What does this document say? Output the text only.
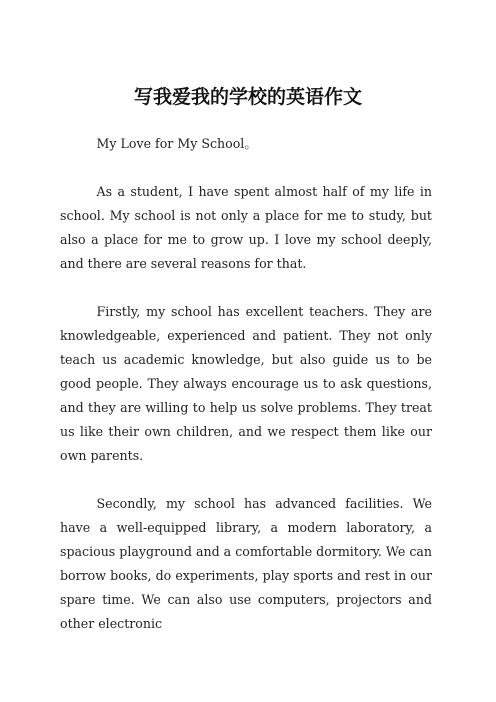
写我爱我的学校的英语作文

My Love for My School。

As a student, I have spent almost half of my life in school. My school is not only a place for me to study, but also a place for me to grow up. I love my school deeply, and there are several reasons for that.

Firstly, my school has excellent teachers. They are knowledgeable, experienced and patient. They not only teach us academic knowledge, but also guide us to be good people. They always encourage us to ask questions, and they are willing to help us solve problems. They treat us like their own children, and we respect them like our own parents.

Secondly, my school has advanced facilities. We have a well-equipped library, a modern laboratory, a spacious playground and a comfortable dormitory. We can borrow books, do experiments, play sports and rest in our spare time. We can also use computers, projectors and other electronic
